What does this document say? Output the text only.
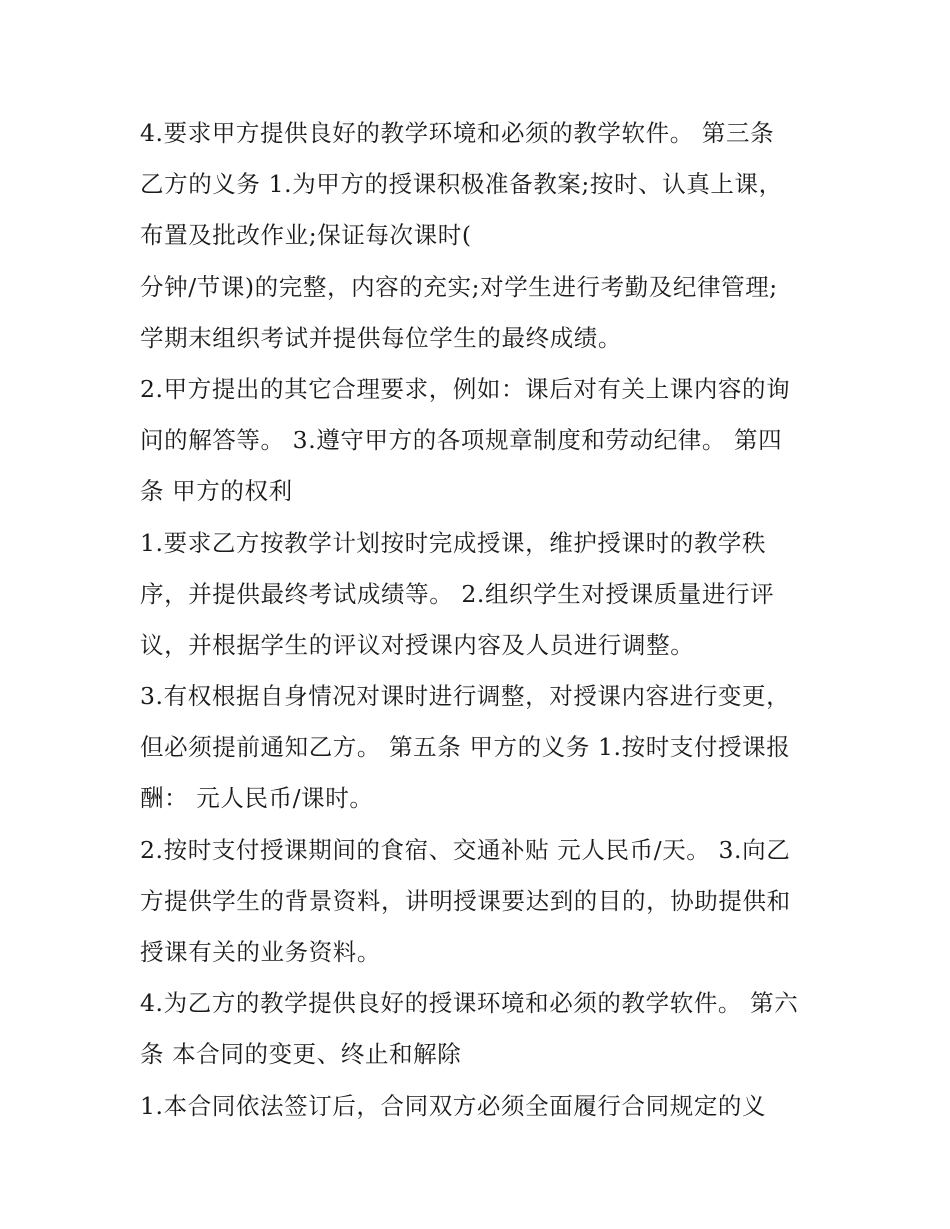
4.要求甲方提供良好的教学环境和必须的教学软件。 第三条
乙方的义务 1.为甲方的授课积极准备教案;按时、认真上课，
布置及批改作业;保证每次课时(
分钟/节课)的完整，内容的充实;对学生进行考勤及纪律管理;
学期末组织考试并提供每位学生的最终成绩。
2.甲方提出的其它合理要求，例如：课后对有关上课内容的询
问的解答等。 3.遵守甲方的各项规章制度和劳动纪律。 第四
条 甲方的权利
1.要求乙方按教学计划按时完成授课，维护授课时的教学秩
序，并提供最终考试成绩等。 2.组织学生对授课质量进行评
议，并根据学生的评议对授课内容及人员进行调整。
3.有权根据自身情况对课时进行调整，对授课内容进行变更，
但必须提前通知乙方。 第五条 甲方的义务 1.按时支付授课报
酬： 元人民币/课时。
2.按时支付授课期间的食宿、交通补贴 元人民币/天。 3.向乙
方提供学生的背景资料，讲明授课要达到的目的，协助提供和
授课有关的业务资料。
4.为乙方的教学提供良好的授课环境和必须的教学软件。 第六
条 本合同的变更、终止和解除
1.本合同依法签订后，合同双方必须全面履行合同规定的义
